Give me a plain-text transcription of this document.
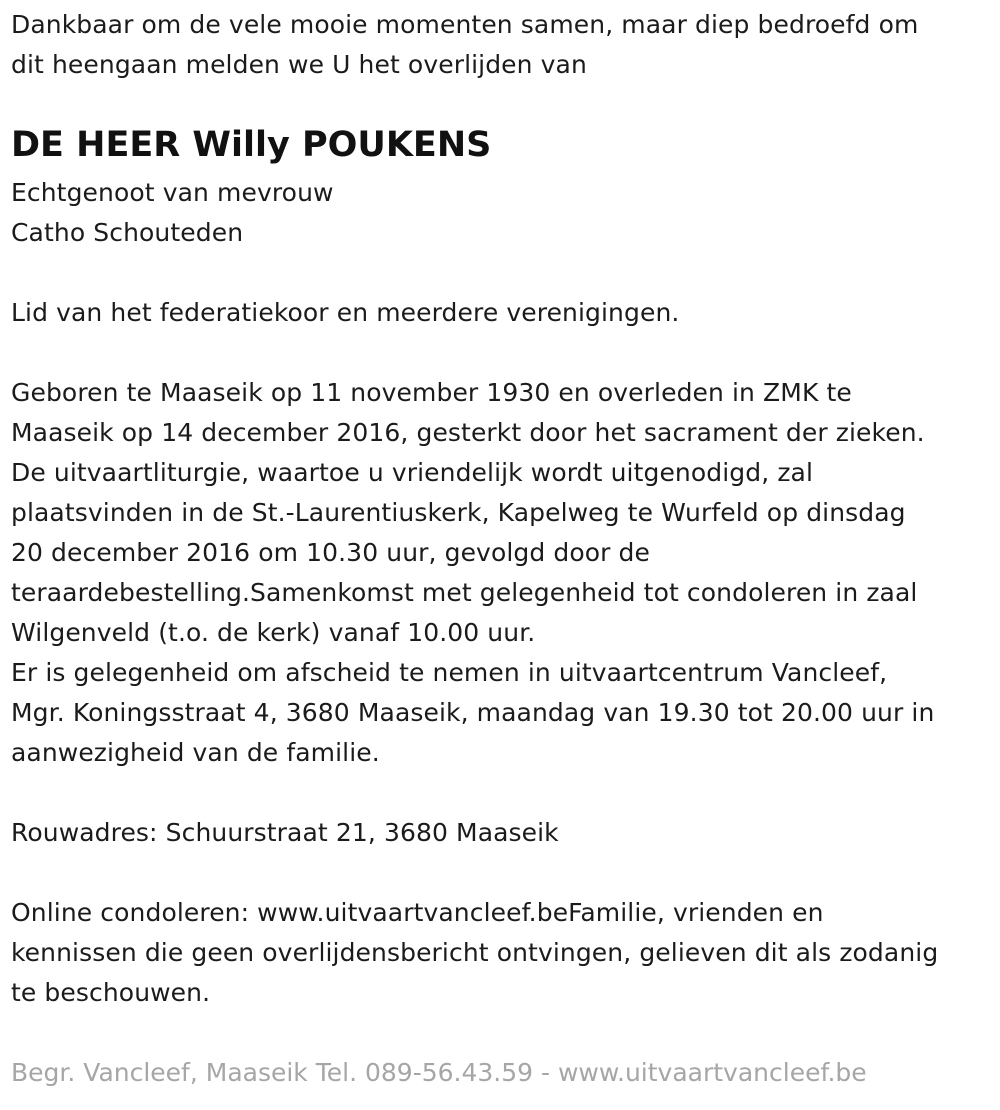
Dankbaar om de vele mooie momenten samen, maar diep bedroefd om
dit heengaan melden we U het overlijden van
DE HEER Willy POUKENS
Echtgenoot van mevrouw
Catho Schouteden
Lid van het federatiekoor en meerdere verenigingen.
Geboren te Maaseik op 11 november 1930 en overleden in ZMK te
Maaseik op 14 december 2016, gesterkt door het sacrament der zieken.
De uitvaartliturgie, waartoe u vriendelijk wordt uitgenodigd, zal
plaatsvinden in de St.-Laurentiuskerk, Kapelweg te Wurfeld op dinsdag
20 december 2016 om 10.30 uur, gevolgd door de
teraardebestelling.Samenkomst met gelegenheid tot condoleren in zaal
Wilgenveld (t.o. de kerk) vanaf 10.00 uur.
Er is gelegenheid om afscheid te nemen in uitvaartcentrum Vancleef,
Mgr. Koningsstraat 4, 3680 Maaseik, maandag van 19.30 tot 20.00 uur in
aanwezigheid van de familie.
Rouwadres: Schuurstraat 21, 3680 Maaseik
Online condoleren: www.uitvaartvancleef.beFamilie, vrienden en
kennissen die geen overlijdensbericht ontvingen, gelieven dit als zodanig
te beschouwen.
Begr. Vancleef, Maaseik Tel. 089-56.43.59 - www.uitvaartvancleef.be
